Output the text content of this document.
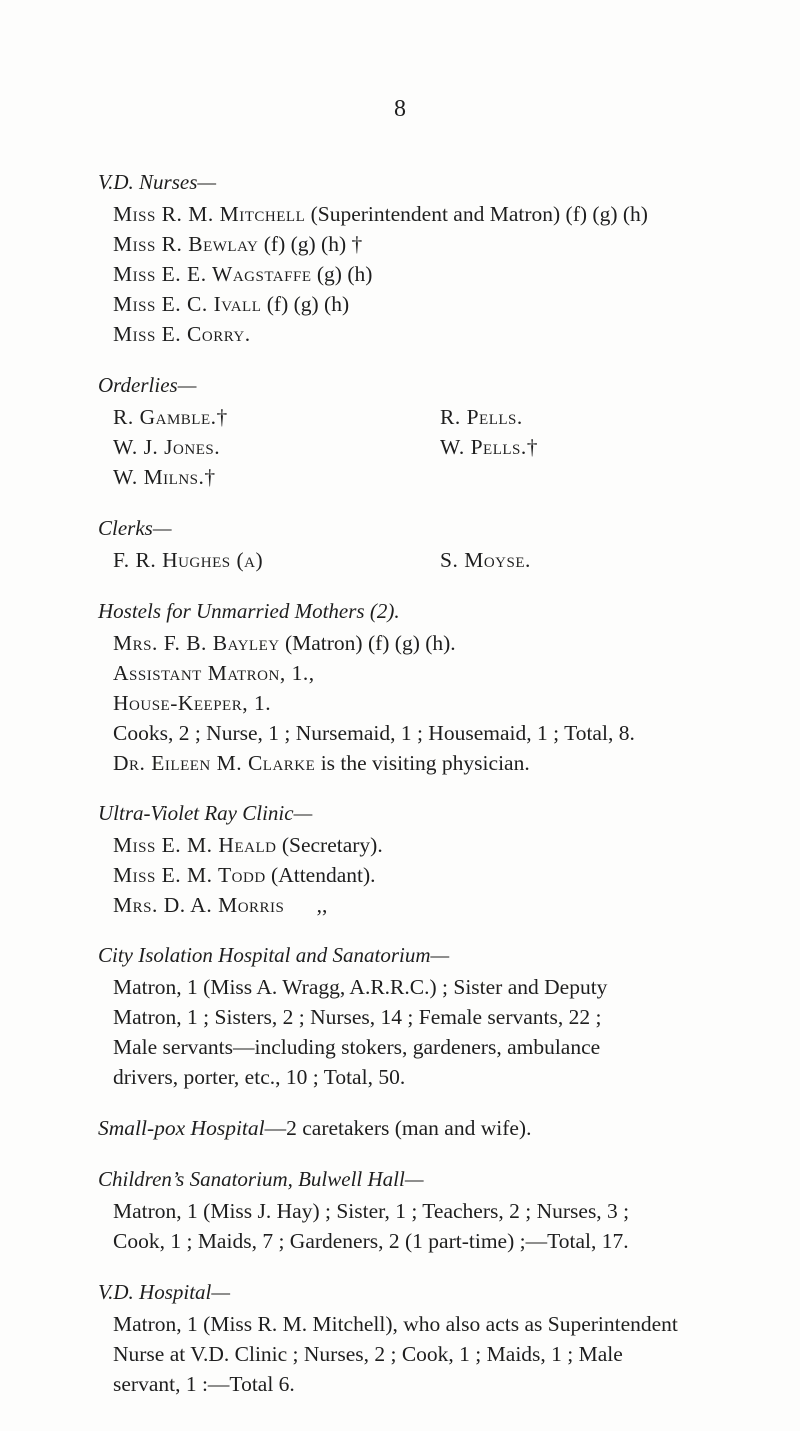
8
V.D. Nurses—
Miss R. M. Mitchell (Superintendent and Matron) (f) (g) (h)
Miss R. Bewlay (f) (g) (h) †
Miss E. E. Wagstaffe (g) (h)
Miss E. C. Ivall (f) (g) (h)
Miss E. Corry.
Orderlies—
R. Gamble.†
W. J. Jones.
W. Milns.†
R. Pells.
W. Pells.†
Clerks—
F. R. Hughes (a)	S. Moyse.
Hostels for Unmarried Mothers (2).
Mrs. F. B. Bayley (Matron) (f) (g) (h).
Assistant Matron, 1.,
House-Keeper, 1.
Cooks, 2 ; Nurse, 1 ; Nursemaid, 1 ; Housemaid, 1 ; Total, 8.
Dr. Eileen M. Clarke is the visiting physician.
Ultra-Violet Ray Clinic—
Miss E. M. Heald (Secretary).
Miss E. M. Todd (Attendant).
Mrs. D. A. Morris      ,,
City Isolation Hospital and Sanatorium—
Matron, 1 (Miss A. Wragg, A.R.R.C.) ; Sister and Deputy
Matron, 1 ; Sisters, 2 ; Nurses, 14 ; Female servants, 22 ;
Male servants—including stokers, gardeners, ambulance
drivers, porter, etc., 10 ; Total, 50.
Small-pox Hospital—2 caretakers (man and wife).
Children’s Sanatorium, Bulwell Hall—
Matron, 1 (Miss J. Hay) ; Sister, 1 ; Teachers, 2 ; Nurses, 3 ;
Cook, 1 ; Maids, 7 ; Gardeners, 2 (1 part-time) ;—Total, 17.
V.D. Hospital—
Matron, 1 (Miss R. M. Mitchell), who also acts as Superintendent
Nurse at V.D. Clinic ; Nurses, 2 ; Cook, 1 ; Maids, 1 ; Male
servant, 1 :—Total 6.
